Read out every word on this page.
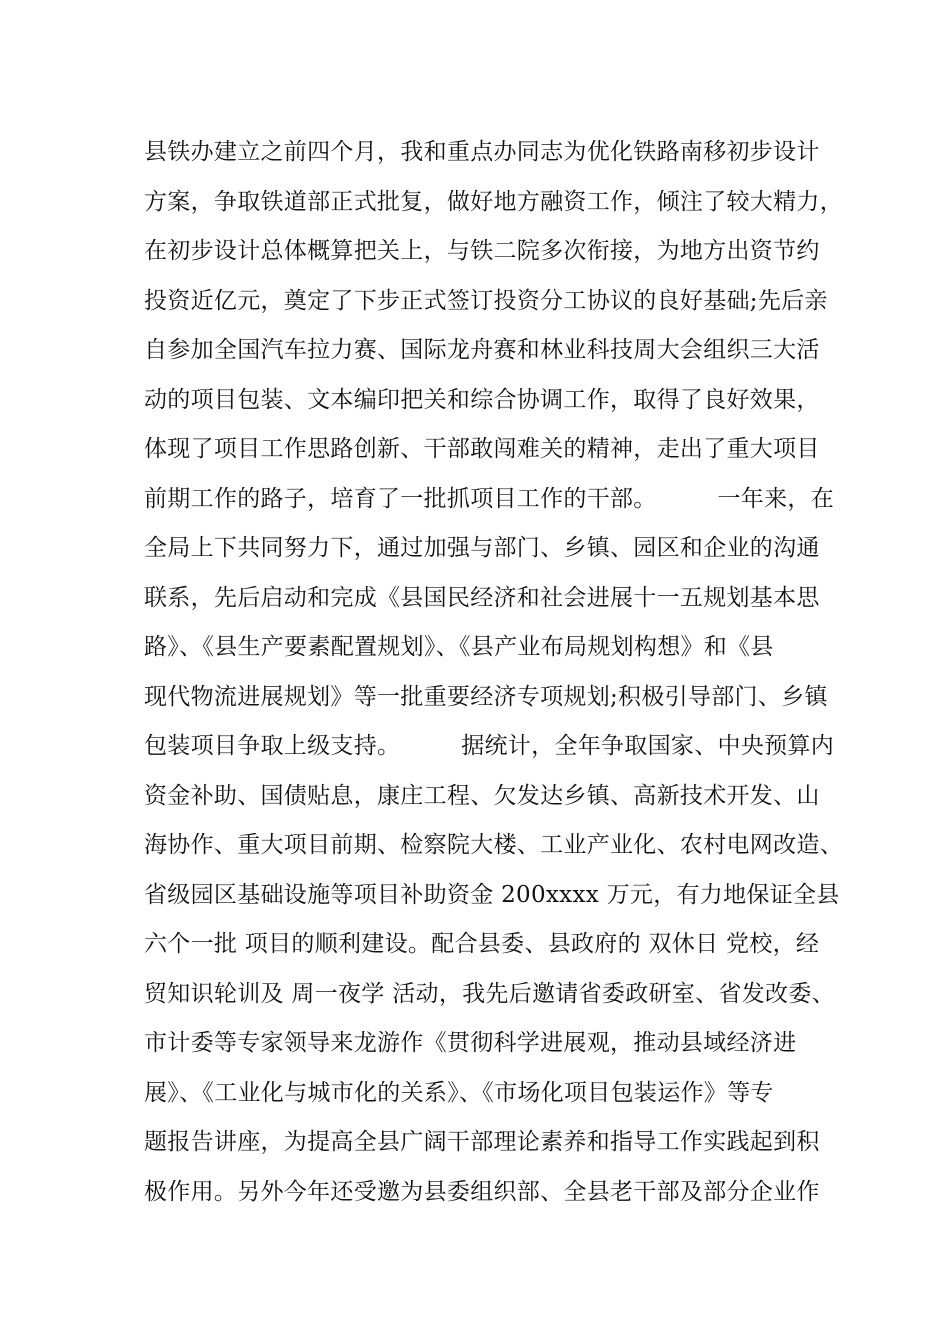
县铁办建立之前四个月，我和重点办同志为优化铁路南移初步设计
方案，争取铁道部正式批复，做好地方融资工作，倾注了较大精力，
在初步设计总体概算把关上，与铁二院多次衔接，为地方出资节约
投资近亿元，奠定了下步正式签订投资分工协议的良好基础;先后亲
自参加全国汽车拉力赛、国际龙舟赛和林业科技周大会组织三大活
动的项目包装、文本编印把关和综合协调工作，取得了良好效果，
体现了项目工作思路创新、干部敢闯难关的精神，走出了重大项目
前期工作的路子，培育了一批抓项目工作的干部。        一年来，在
全局上下共同努力下，通过加强与部门、乡镇、园区和企业的沟通
联系，先后启动和完成《县国民经济和社会进展十一五规划基本思
路》、《县生产要素配置规划》、《县产业布局规划构想》和《县
现代物流进展规划》等一批重要经济专项规划;积极引导部门、乡镇
包装项目争取上级支持。        据统计，全年争取国家、中央预算内
资金补助、国债贴息，康庄工程、欠发达乡镇、高新技术开发、山
海协作、重大项目前期、检察院大楼、工业产业化、农村电网改造、
省级园区基础设施等项目补助资金 200xxxx 万元，有力地保证全县
六个一批 项目的顺利建设。配合县委、县政府的 双休日 党校，经
贸知识轮训及 周一夜学 活动，我先后邀请省委政研室、省发改委、
市计委等专家领导来龙游作《贯彻科学进展观，推动县域经济进
展》、《工业化与城市化的关系》、《市场化项目包装运作》等专
题报告讲座，为提高全县广阔干部理论素养和指导工作实践起到积
极作用。另外今年还受邀为县委组织部、全县老干部及部分企业作
